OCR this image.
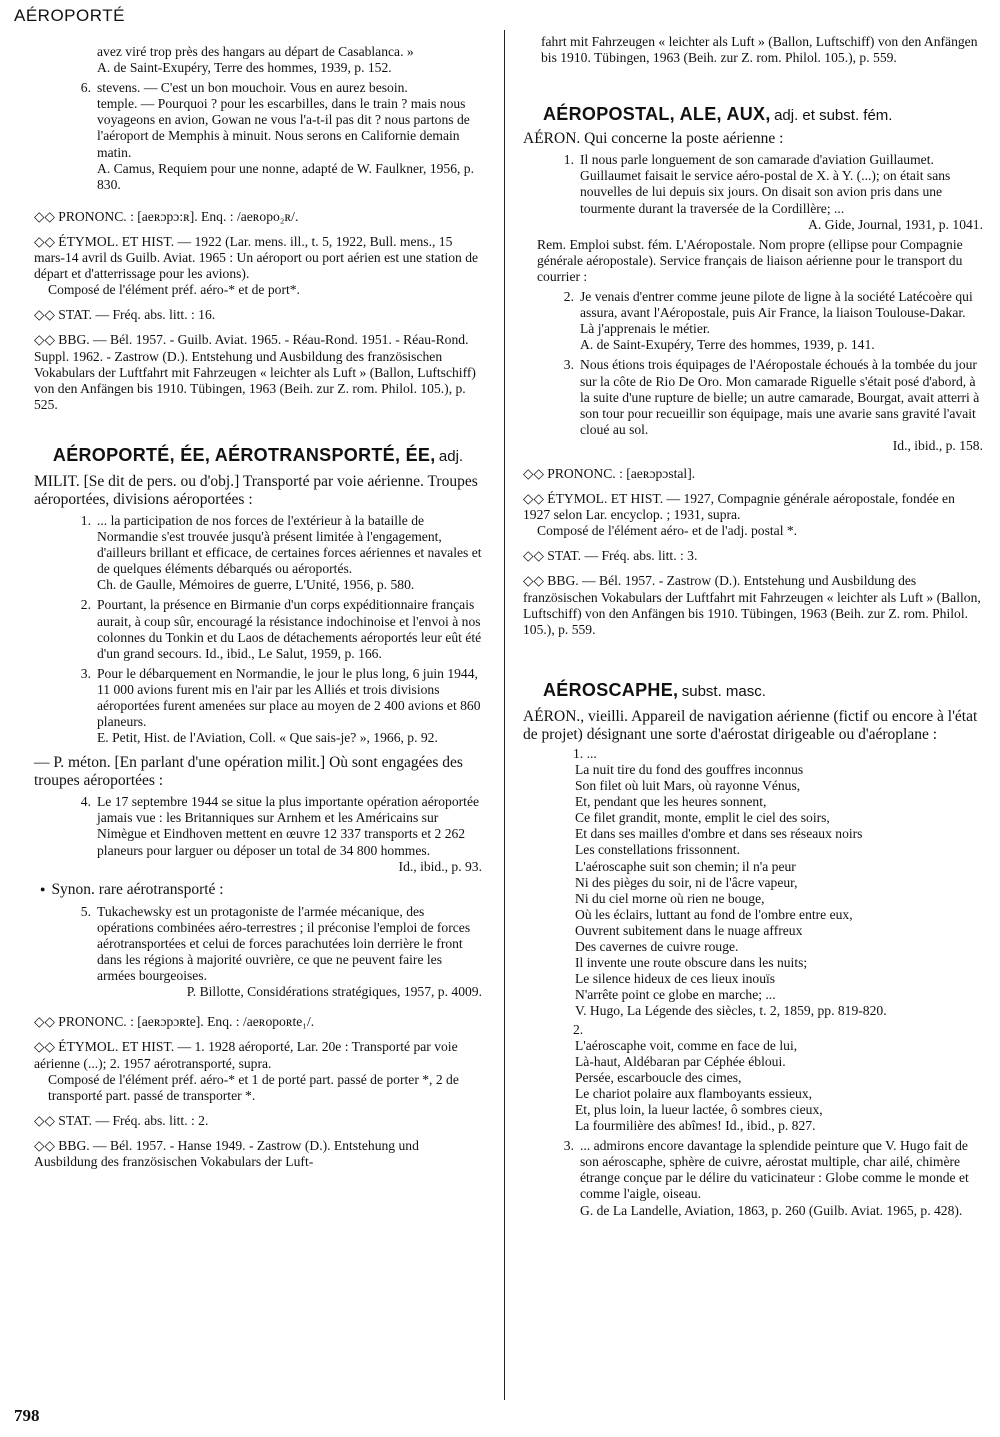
AÉROPORTÉ
avez viré trop près des hangars au départ de Casablanca. »
A. de Saint-Exupéry, Terre des hommes, 1939, p. 152.
6. stevens. — C'est un bon mouchoir. Vous en aurez besoin.
temple. — Pourquoi ? pour les escarbilles, dans le train ? mais nous voyageons en avion, Gowan ne vous l'a-t-il pas dit ? nous partons de l'aéroport de Memphis à minuit. Nous serons en Californie demain matin.
A. Camus, Requiem pour une nonne, adapté de W. Faulkner, 1956, p. 830.
◇◇ PRONONC. : [aeʀɔpɔ:ʀ]. Enq. : /aeʀopo₂ʀ/.
◇◇ ÉTYMOL. ET HIST. — 1922 (Lar. mens. ill., t. 5, 1922, Bull. mens., 15 mars-14 avril ds Guilb. Aviat. 1965 : Un aéroport ou port aérien est une station de départ et d'atterrissage pour les avions).
Composé de l'élément préf. aéro-* et de port*.
◇◇ STAT. — Fréq. abs. litt. : 16.
◇◇ BBG. — Bél. 1957. - Guilb. Aviat. 1965. - Réau-Rond. 1951. - Réau-Rond. Suppl. 1962. - Zastrow (D.). Entstehung und Ausbildung des französischen Vokabulars der Luftfahrt mit Fahrzeugen « leichter als Luft » (Ballon, Luftschiff) von den Anfängen bis 1910. Tübingen, 1963 (Beih. zur Z. rom. Philol. 105.), p. 525.
AÉROPORTÉ, ÉE, AÉROTRANSPORTÉ, ÉE, adj.
MILIT. [Se dit de pers. ou d'obj.] Transporté par voie aérienne. Troupes aéroportées, divisions aéroportées :
1. ... la participation de nos forces de l'extérieur à la bataille de Normandie s'est trouvée jusqu'à présent limitée à l'engagement, d'ailleurs brillant et efficace, de certaines forces aériennes et navales et de quelques éléments débarqués ou aéroportés.
Ch. de Gaulle, Mémoires de guerre, L'Unité, 1956, p. 580.
2. Pourtant, la présence en Birmanie d'un corps expéditionnaire français aurait, à coup sûr, encouragé la résistance indochinoise et l'envoi à nos colonnes du Tonkin et du Laos de détachements aéroportés leur eût été d'un grand secours. Id., ibid., Le Salut, 1959, p. 166.
3. Pour le débarquement en Normandie, le jour le plus long, 6 juin 1944, 11 000 avions furent mis en l'air par les Alliés et trois divisions aéroportées furent amenées sur place au moyen de 2 400 avions et 860 planeurs.
E. Petit, Hist. de l'Aviation, Coll. « Que sais-je? », 1966, p. 92.
— P. méton. [En parlant d'une opération milit.] Où sont engagées des troupes aéroportées :
4. Le 17 septembre 1944 se situe la plus importante opération aéroportée jamais vue : les Britanniques sur Arnhem et les Américains sur Nimègue et Eindhoven mettent en œuvre 12 337 transports et 2 262 planeurs pour larguer ou déposer un total de 34 800 hommes.
Id., ibid., p. 93.
● Synon. rare aérotransporté :
5. Tukachewsky est un protagoniste de l'armée mécanique, des opérations combinées aéro-terrestres ; il préconise l'emploi de forces aérotransportées et celui de forces parachutées loin derrière le front dans les régions à majorité ouvrière, ce que ne peuvent faire les armées bourgeoises.
P. Billotte, Considérations stratégiques, 1957, p. 4009.
◇◇ PRONONC. : [aeʀɔpɔʀte]. Enq. : /aeʀopoʀte₁/.
◇◇ ÉTYMOL. ET HIST. — 1. 1928 aéroporté, Lar. 20e : Transporté par voie aérienne (...); 2. 1957 aérotransporté, supra.
Composé de l'élément préf. aéro-* et 1 de porté part. passé de porter *, 2 de transporté part. passé de transporter *.
◇◇ STAT. — Fréq. abs. litt. : 2.
◇◇ BBG. — Bél. 1957. - Hanse 1949. - Zastrow (D.). Entstehung und Ausbildung des französischen Vokabulars der Luft-
fahrt mit Fahrzeugen « leichter als Luft » (Ballon, Luftschiff) von den Anfängen bis 1910. Tübingen, 1963 (Beih. zur Z. rom. Philol. 105.), p. 559.
AÉROPOSTAL, ALE, AUX, adj. et subst. fém.
AÉRON. Qui concerne la poste aérienne :
1. Il nous parle longuement de son camarade d'aviation Guillaumet. Guillaumet faisait le service aéro-postal de X. à Y. (...); on était sans nouvelles de lui depuis six jours. On disait son avion pris dans une tourmente durant la traversée de la Cordillère; ...
A. Gide, Journal, 1931, p. 1041.
Rem. Emploi subst. fém. L'Aéropostale. Nom propre (ellipse pour Compagnie générale aéropostale). Service français de liaison aérienne pour le transport du courrier :
2. Je venais d'entrer comme jeune pilote de ligne à la société Latécoère qui assura, avant l'Aéropostale, puis Air France, la liaison Toulouse-Dakar. Là j'apprenais le métier.
A. de Saint-Exupéry, Terre des hommes, 1939, p. 141.
3. Nous étions trois équipages de l'Aéropostale échoués à la tombée du jour sur la côte de Rio De Oro. Mon camarade Riguelle s'était posé d'abord, à la suite d'une rupture de bielle; un autre camarade, Bourgat, avait atterri à son tour pour recueillir son équipage, mais une avarie sans gravité l'avait cloué au sol.
Id., ibid., p. 158.
◇◇ PRONONC. : [aeʀɔpɔstal].
◇◇ ÉTYMOL. ET HIST. — 1927, Compagnie générale aéropostale, fondée en 1927 selon Lar. encyclop. ; 1931, supra.
Composé de l'élément aéro- et de l'adj. postal *.
◇◇ STAT. — Fréq. abs. litt. : 3.
◇◇ BBG. — Bél. 1957. - Zastrow (D.). Entstehung und Ausbildung des französischen Vokabulars der Luftfahrt mit Fahrzeugen « leichter als Luft » (Ballon, Luftschiff) von den Anfängen bis 1910. Tübingen, 1963 (Beih. zur Z. rom. Philol. 105.), p. 559.
AÉROSCAPHE, subst. masc.
AÉRON., vieilli. Appareil de navigation aérienne (fictif ou encore à l'état de projet) désignant une sorte d'aérostat dirigeable ou d'aéroplane :
1. ...
La nuit tire du fond des gouffres inconnus
Son filet où luit Mars, où rayonne Vénus,
Et, pendant que les heures sonnent,
Ce filet grandit, monte, emplit le ciel des soirs,
Et dans ses mailles d'ombre et dans ses réseaux noirs
Les constellations frissonnent.
L'aéroscaphe suit son chemin; il n'a peur
Ni des pièges du soir, ni de l'âcre vapeur,
Ni du ciel morne où rien ne bouge,
Où les éclairs, luttant au fond de l'ombre entre eux,
Ouvrent subitement dans le nuage affreux
Des cavernes de cuivre rouge.
Il invente une route obscure dans les nuits;
Le silence hideux de ces lieux inouïs
N'arrête point ce globe en marche; ...
V. Hugo, La Légende des siècles, t. 2, 1859, pp. 819-820.
2.
L'aéroscaphe voit, comme en face de lui,
Là-haut, Aldébaran par Céphée ébloui.
Persée, escarboucle des cimes,
Le chariot polaire aux flamboyants essieux,
Et, plus loin, la lueur lactée, ô sombres cieux,
La fourmilière des abîmes! Id., ibid., p. 827.
3. ... admirons encore davantage la splendide peinture que V. Hugo fait de son aéroscaphe, sphère de cuivre, aérostat multiple, char ailé, chimère étrange conçue par le délire du vaticinateur : Globe comme le monde et comme l'aigle, oiseau.
G. de La Landelle, Aviation, 1863, p. 260 (Guilb. Aviat. 1965, p. 428).
798
